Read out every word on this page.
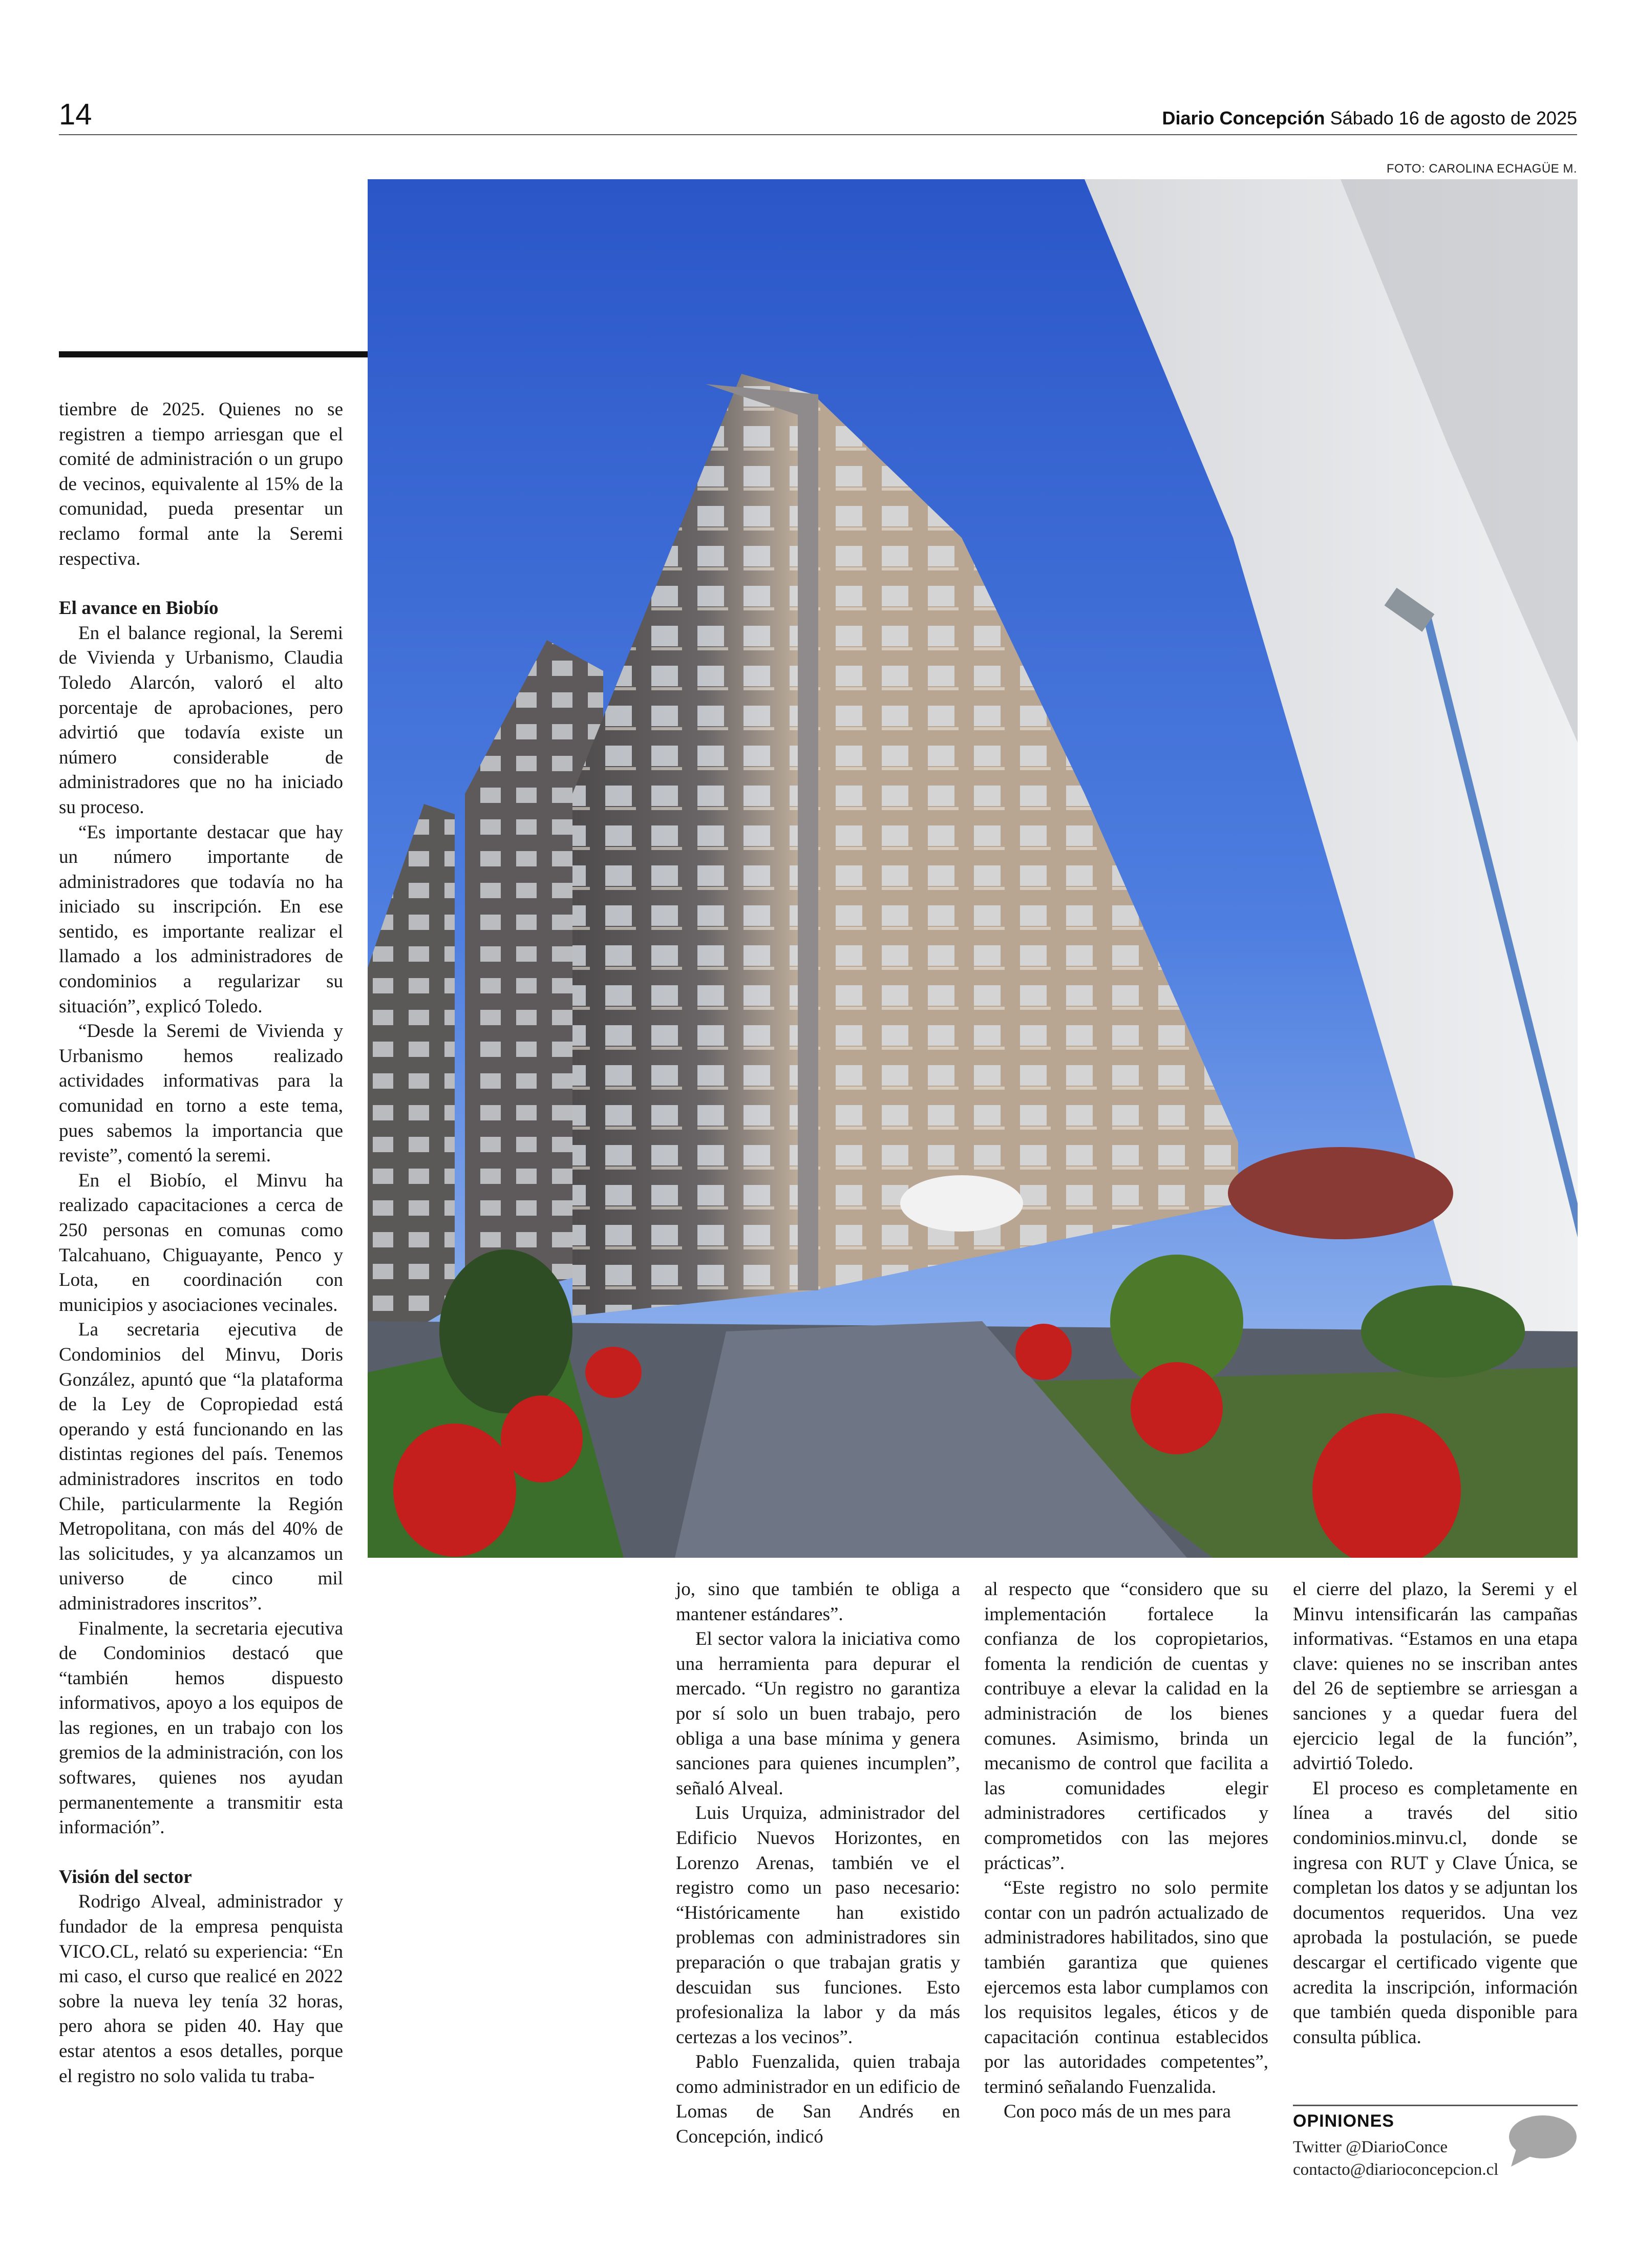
14	Diario Concepción Sábado 16 de agosto de 2025
FOTO: CAROLINA ECHAGÜE M.

tiembre de 2025. Quienes no se registren a tiempo arriesgan que el comité de administración o un grupo de vecinos, equivalente al 15% de la comunidad, pueda presentar un reclamo formal ante la Seremi respectiva.

El avance en Biobío

En el balance regional, la Seremi de Vivienda y Urbanismo, Claudia Toledo Alarcón, valoró el alto porcentaje de aprobaciones, pero advirtió que todavía existe un número considerable de administradores que no ha iniciado su proceso.

“Es importante destacar que hay un número importante de administradores que todavía no ha iniciado su inscripción. En ese sentido, es importante realizar el llamado a los administradores de condominios a regularizar su situación”, explicó Toledo.

“Desde la Seremi de Vivienda y Urbanismo hemos realizado actividades informativas para la comunidad en torno a este tema, pues sabemos la importancia que reviste”, comentó la seremi.

En el Biobío, el Minvu ha realizado capacitaciones a cerca de 250 personas en comunas como Talcahuano, Chiguayante, Penco y Lota, en coordinación con municipios y asociaciones vecinales.

La secretaria ejecutiva de Condominios del Minvu, Doris González, apuntó que “la plataforma de la Ley de Copropiedad está operando y está funcionando en las distintas regiones del país. Tenemos administradores inscritos en todo Chile, particularmente la Región Metropolitana, con más del 40% de las solicitudes, y ya alcanzamos un universo de cinco mil administradores inscritos”.

Finalmente, la secretaria ejecutiva de Condominios destacó que “también hemos dispuesto informativos, apoyo a los equipos de las regiones, en un trabajo con los gremios de la administración, con los softwares, quienes nos ayudan permanentemente a transmitir esta información”.

Visión del sector

Rodrigo Alveal, administrador y fundador de la empresa penquista VICO.CL, relató su experiencia: “En mi caso, el curso que realicé en 2022 sobre la nueva ley tenía 32 horas, pero ahora se piden 40. Hay que estar atentos a esos detalles, porque el registro no solo valida tu traba-

jo, sino que también te obliga a mantener estándares”.

El sector valora la iniciativa como una herramienta para depurar el mercado. “Un registro no garantiza por sí solo un buen trabajo, pero obliga a una base mínima y genera sanciones para quienes incumplen”, señaló Alveal.

Luis Urquiza, administrador del Edificio Nuevos Horizontes, en Lorenzo Arenas, también ve el registro como un paso necesario: “Históricamente han existido problemas con administradores sin preparación o que trabajan gratis y descuidan sus funciones. Esto profesionaliza la labor y da más certezas a los vecinos”.

Pablo Fuenzalida, quien trabaja como administrador en un edificio de Lomas de San Andrés en Concepción, indicó

al respecto que “considero que su implementación fortalece la confianza de los copropietarios, fomenta la rendición de cuentas y contribuye a elevar la calidad en la administración de los bienes comunes. Asimismo, brinda un mecanismo de control que facilita a las comunidades elegir administradores certificados y comprometidos con las mejores prácticas”.

“Este registro no solo permite contar con un padrón actualizado de administradores habilitados, sino que también garantiza que quienes ejercemos esta labor cumplamos con los requisitos legales, éticos y de capacitación continua establecidos por las autoridades competentes”, terminó señalando Fuenzalida.

Con poco más de un mes para

el cierre del plazo, la Seremi y el Minvu intensificarán las campañas informativas. “Estamos en una etapa clave: quienes no se inscriban antes del 26 de septiembre se arriesgan a sanciones y a quedar fuera del ejercicio legal de la función”, advirtió Toledo.

El proceso es completamente en línea a través del sitio condominios.minvu.cl, donde se ingresa con RUT y Clave Única, se completan los datos y se adjuntan los documentos requeridos. Una vez aprobada la postulación, se puede descargar el certificado vigente que acredita la inscripción, información que también queda disponible para consulta pública.

OPINIONES
Twitter @DiarioConce
contacto@diarioconcepcion.cl
